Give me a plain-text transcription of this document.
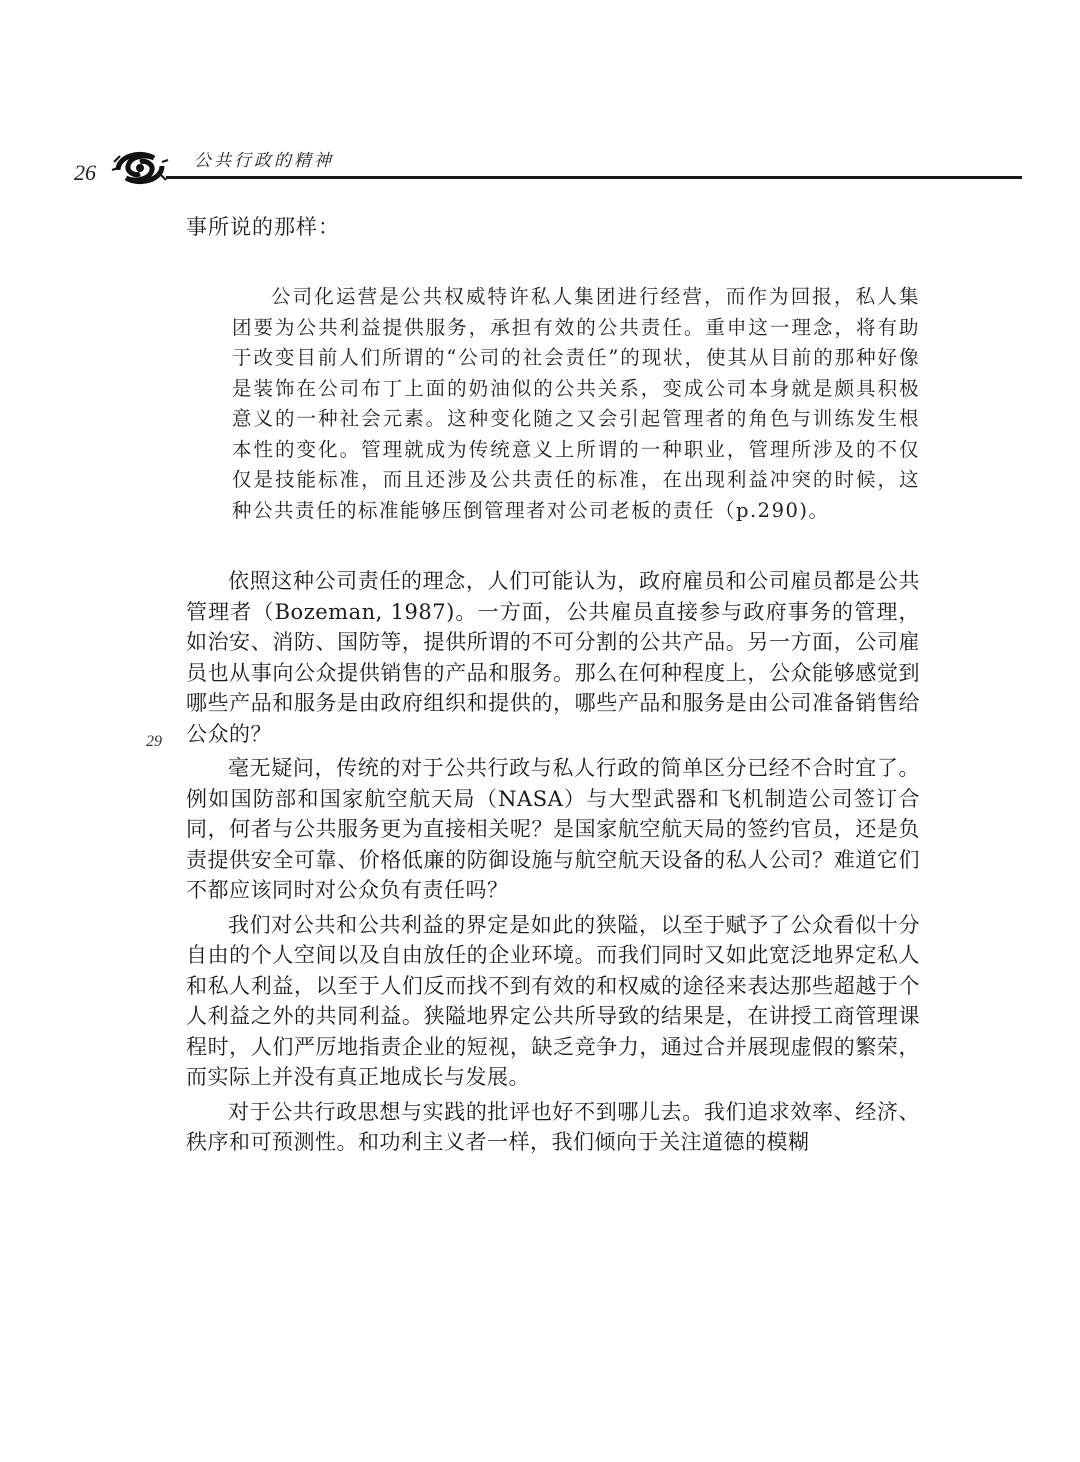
26	公共行政的精神
29

事所说的那样：

公司化运营是公共权威特许私人集团进行经营，而作为回报，私人集团要为公共利益提供服务，承担有效的公共责任。重申这一理念，将有助于改变目前人们所谓的“公司的社会责任”的现状，使其从目前的那种好像是装饰在公司布丁上面的奶油似的公共关系，变成公司本身就是颇具积极意义的一种社会元素。这种变化随之又会引起管理者的角色与训练发生根本性的变化。管理就成为传统意义上所谓的一种职业，管理所涉及的不仅仅是技能标准，而且还涉及公共责任的标准，在出现利益冲突的时候，这种公共责任的标准能够压倒管理者对公司老板的责任（p.290)。

依照这种公司责任的理念，人们可能认为，政府雇员和公司雇员都是公共管理者（Bozeman, 1987)。一方面，公共雇员直接参与政府事务的管理，如治安、消防、国防等，提供所谓的不可分割的公共产品。另一方面，公司雇员也从事向公众提供销售的产品和服务。那么在何种程度上，公众能够感觉到哪些产品和服务是由政府组织和提供的，哪些产品和服务是由公司准备销售给公众的？

毫无疑问，传统的对于公共行政与私人行政的简单区分已经不合时宜了。例如国防部和国家航空航天局（NASA）与大型武器和飞机制造公司签订合同，何者与公共服务更为直接相关呢？是国家航空航天局的签约官员，还是负责提供安全可靠、价格低廉的防御设施与航空航天设备的私人公司？难道它们不都应该同时对公众负有责任吗？

我们对公共和公共利益的界定是如此的狭隘，以至于赋予了公众看似十分自由的个人空间以及自由放任的企业环境。而我们同时又如此宽泛地界定私人和私人利益，以至于人们反而找不到有效的和权威的途径来表达那些超越于个人利益之外的共同利益。狭隘地界定公共所导致的结果是，在讲授工商管理课程时，人们严厉地指责企业的短视，缺乏竞争力，通过合并展现虚假的繁荣，而实际上并没有真正地成长与发展。

对于公共行政思想与实践的批评也好不到哪儿去。我们追求效率、经济、秩序和可预测性。和功利主义者一样，我们倾向于关注道德的模糊
